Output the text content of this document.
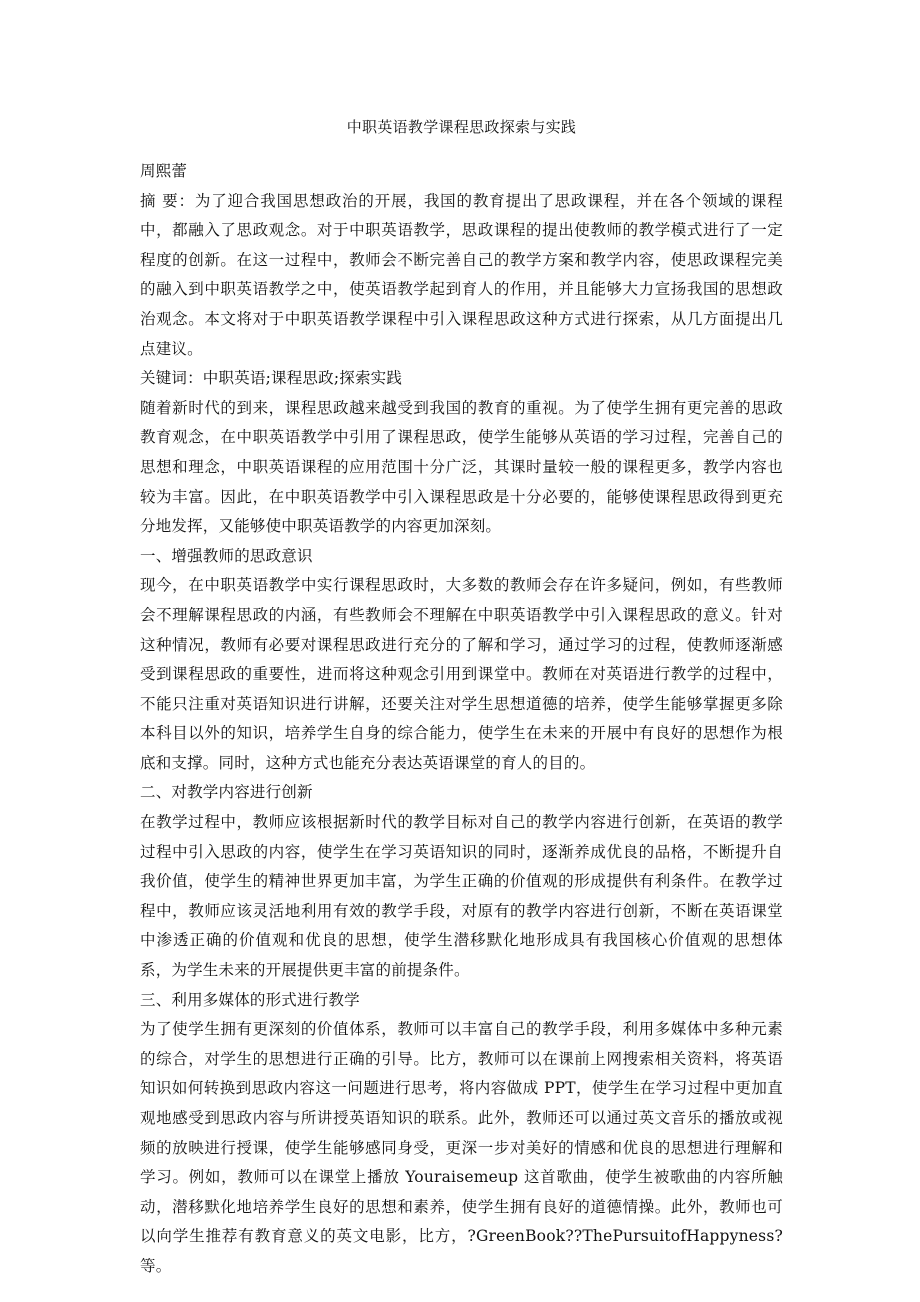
中职英语教学课程思政探索与实践

周熙蕾

摘 要：为了迎合我国思想政治的开展，我国的教育提出了思政课程，并在各个领域的课程中，都融入了思政观念。对于中职英语教学，思政课程的提出使教师的教学模式进行了一定程度的创新。在这一过程中，教师会不断完善自己的教学方案和教学内容，使思政课程完美的融入到中职英语教学之中，使英语教学起到育人的作用，并且能够大力宣扬我国的思想政治观念。本文将对于中职英语教学课程中引入课程思政这种方式进行探索，从几方面提出几点建议。

关键词：中职英语;课程思政;探索实践

随着新时代的到来，课程思政越来越受到我国的教育的重视。为了使学生拥有更完善的思政教育观念，在中职英语教学中引用了课程思政，使学生能够从英语的学习过程，完善自己的思想和理念，中职英语课程的应用范围十分广泛，其课时量较一般的课程更多，教学内容也较为丰富。因此，在中职英语教学中引入课程思政是十分必要的，能够使课程思政得到更充分地发挥，又能够使中职英语教学的内容更加深刻。

一、增强教师的思政意识

现今，在中职英语教学中实行课程思政时，大多数的教师会存在许多疑问，例如，有些教师会不理解课程思政的内涵，有些教师会不理解在中职英语教学中引入课程思政的意义。针对这种情况，教师有必要对课程思政进行充分的了解和学习，通过学习的过程，使教师逐渐感受到课程思政的重要性，进而将这种观念引用到课堂中。教师在对英语进行教学的过程中，不能只注重对英语知识进行讲解，还要关注对学生思想道德的培养，使学生能够掌握更多除本科目以外的知识，培养学生自身的综合能力，使学生在未来的开展中有良好的思想作为根底和支撑。同时，这种方式也能充分表达英语课堂的育人的目的。

二、对教学内容进行创新

在教学过程中，教师应该根据新时代的教学目标对自己的教学内容进行创新，在英语的教学过程中引入思政的内容，使学生在学习英语知识的同时，逐渐养成优良的品格，不断提升自我价值，使学生的精神世界更加丰富，为学生正确的价值观的形成提供有利条件。在教学过程中，教师应该灵活地利用有效的教学手段，对原有的教学内容进行创新，不断在英语课堂中渗透正确的价值观和优良的思想，使学生潜移默化地形成具有我国核心价值观的思想体系，为学生未来的开展提供更丰富的前提条件。

三、利用多媒体的形式进行教学

为了使学生拥有更深刻的价值体系，教师可以丰富自己的教学手段，利用多媒体中多种元素的综合，对学生的思想进行正确的引导。比方，教师可以在课前上网搜索相关资料，将英语知识如何转换到思政内容这一问题进行思考，将内容做成 PPT，使学生在学习过程中更加直观地感受到思政内容与所讲授英语知识的联系。此外，教师还可以通过英文音乐的播放或视频的放映进行授课，使学生能够感同身受，更深一步对美好的情感和优良的思想进行理解和学习。例如，教师可以在课堂上播放 Youraisemeup 这首歌曲，使学生被歌曲的内容所触动，潜移默化地培养学生良好的思想和素养，使学生拥有良好的道德情操。此外，教师也可以向学生推荐有教育意义的英文电影，比方，?GreenBook??ThePursuitofHappyness?等。
